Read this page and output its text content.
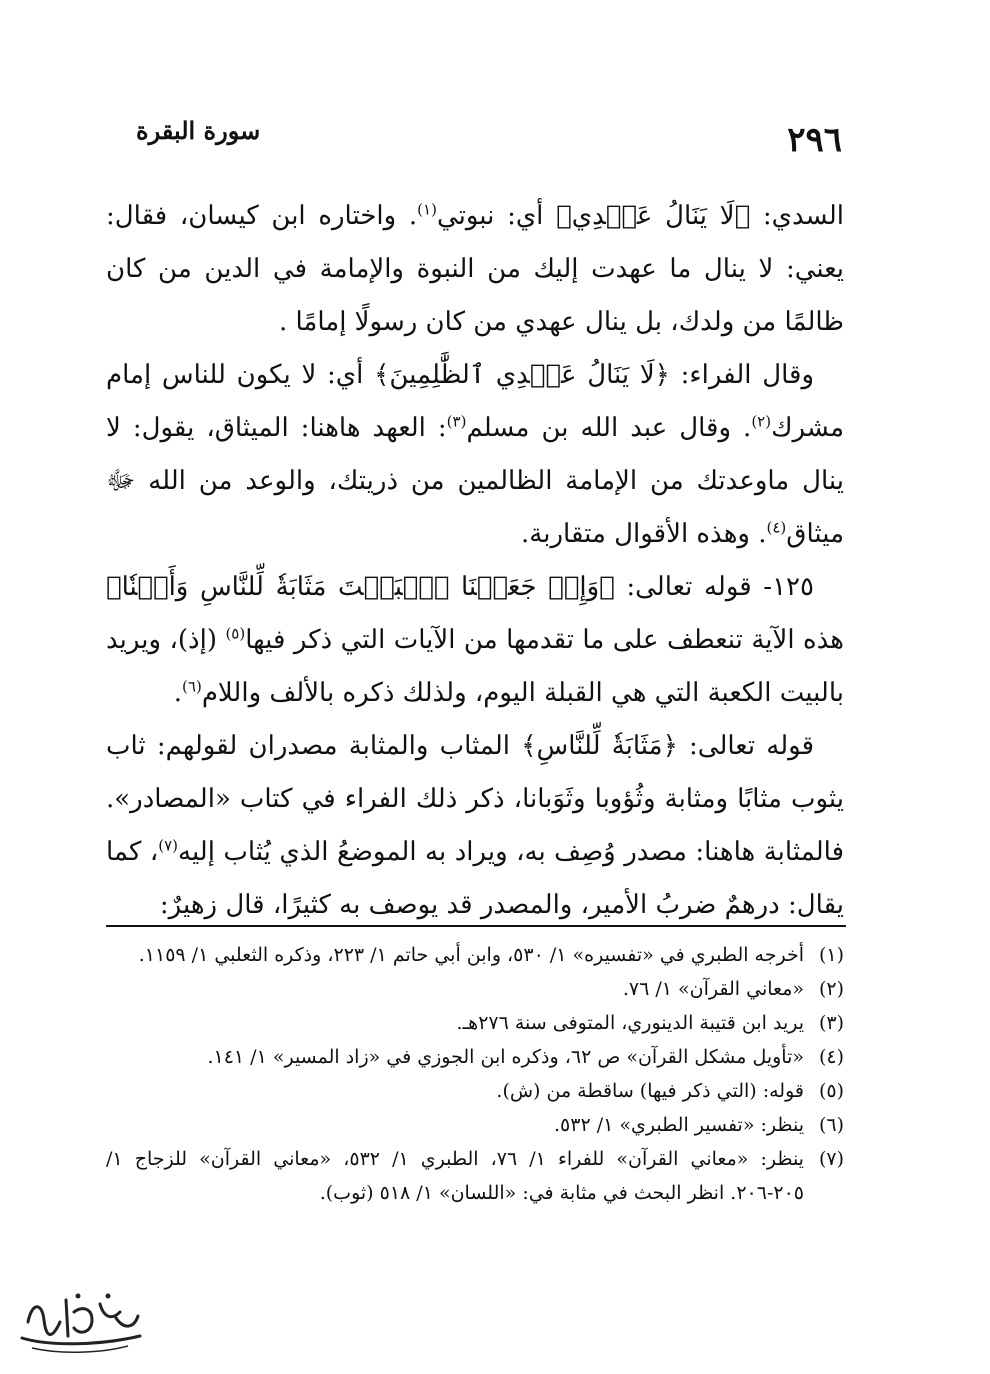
٢٩٦
سورة البقرة

السدي: ﴿لَا يَنَالُ عَهۡدِي﴾ أي: نبوتي$^{(١)}$. واختاره ابن كيسان، فقال: يعني: لا ينال ما عهدت إليك من النبوة والإمامة في الدين من كان ظالمًا من ولدك، بل ينال عهدي من كان رسولًا إمامًا .

وقال الفراء: ﴿لَا يَنَالُ عَهۡدِي ٱلظَّٰلِمِينَ﴾ أي: لا يكون للناس إمام مشرك$^{(٢)}$. وقال عبد الله بن مسلم$^{(٣)}$: العهد هاهنا: الميثاق، يقول: لا ينال ماوعدتك من الإمامة الظالمين من ذريتك، والوعد من الله ﷻ ميثاق$^{(٤)}$. وهذه الأقوال متقاربة.

١٢٥- قوله تعالى: ﴿وَإِذۡ جَعَلۡنَا ٱلۡبَيۡتَ مَثَابَةٗ لِّلنَّاسِ وَأَمۡنٗا﴾ هذه الآية تنعطف على ما تقدمها من الآيات التي ذكر فيها$^{(٥)}$ (إذ)، ويريد بالبيت الكعبة التي هي القبلة اليوم، ولذلك ذكره بالألف واللام$^{(٦)}$.

قوله تعالى: ﴿مَثَابَةٗ لِّلنَّاسِ﴾ المثاب والمثابة مصدران لقولهم: ثاب يثوب مثابًا ومثابة وثُؤوبا وثَوَبانا، ذكر ذلك الفراء في كتاب «المصادر». فالمثابة هاهنا: مصدر وُصِف به، ويراد به الموضعُ الذي يُثاب إليه$^{(٧)}$، كما يقال: درهمٌ ضربُ الأمير، والمصدر قد يوصف به كثيرًا، قال زهيرٌ:

(١)
أخرجه الطبري في «تفسيره» ١/ ٥٣٠، وابن أبي حاتم ١/ ٢٢٣، وذكره الثعلبي ١/ ١١٥٩.
(٢)
«معاني القرآن» ١/ ٧٦.
(٣)
يريد ابن قتيبة الدينوري، المتوفى سنة ٢٧٦هـ.
(٤)
«تأويل مشكل القرآن» ص ٦٢، وذكره ابن الجوزي في «زاد المسير» ١/ ١٤١.
(٥)
قوله: (التي ذكر فيها) ساقطة من (ش).
(٦)
ينظر: «تفسير الطبري» ١/ ٥٣٢.
(٧)
ينظر: «معاني القرآن» للفراء ١/ ٧٦، الطبري ١/ ٥٣٢، «معاني القرآن» للزجاج ١/ ٢٠٥-٢٠٦. انظر البحث في مثابة في: «اللسان» ١/ ٥١٨ (ثوب).
